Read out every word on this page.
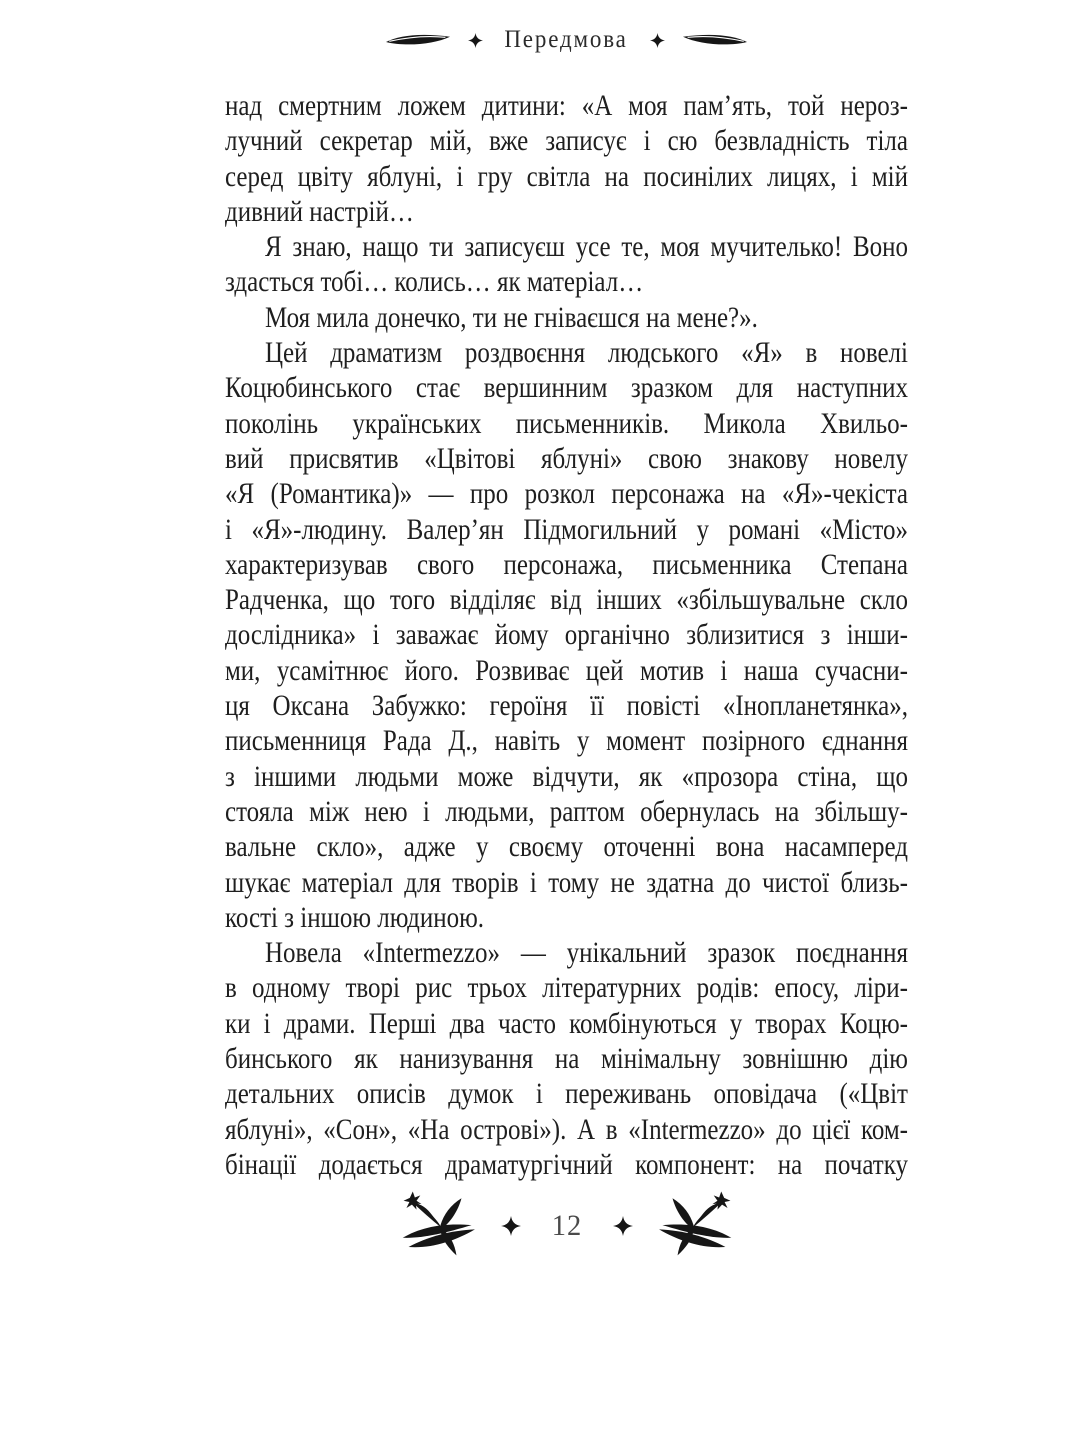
Передмова
над смертним ложем дитини: «А моя пам’ять, той нероз-
лучний секретар мій, вже записує і сю безвладність тіла
серед цвіту яблуні, і гру світла на посинілих лицях, і мій
дивний настрій…
Я знаю, нащо ти записуєш усе те, моя мучителько! Воно
здасться тобі… колись… як матеріал…
Моя мила донечко, ти не гніваєшся на мене?».
Цей драматизм роздвоєння людського «Я» в новелі
Коцюбинського стає вершинним зразком для наступних
поколінь українських письменників. Микола Хвильо-
вий присвятив «Цвітові яблуні» свою знакову новелу
«Я (Романтика)» — про розкол персонажа на «Я»-чекіста
і «Я»-людину. Валер’ян Підмогильний у романі «Місто»
характеризував свого персонажа, письменника Степана
Радченка, що того відділяє від інших «збільшувальне скло
дослідника» і заважає йому органічно зблизитися з інши-
ми, усамітнює його. Розвиває цей мотив і наша сучасни-
ця Оксана Забужко: героїня її повісті «Інопланетянка»,
письменниця Рада Д., навіть у момент позірного єднання
з іншими людьми може відчути, як «прозора стіна, що
стояла між нею і людьми, раптом обернулась на збільшу-
вальне скло», адже у своєму оточенні вона насамперед
шукає матеріал для творів і тому не здатна до чистої близь-
кості з іншою людиною.
Новела «Intermezzo» — унікальний зразок поєднання
в одному творі рис трьох літературних родів: епосу, ліри-
ки і драми. Перші два часто комбінуються у творах Коцю-
бинського як нанизування на мінімальну зовнішню дію
детальних описів думок і переживань оповідача («Цвіт
яблуні», «Сон», «На острові»). А в «Intermezzo» до цієї ком-
бінації додається драматургічний компонент: на початку
12
